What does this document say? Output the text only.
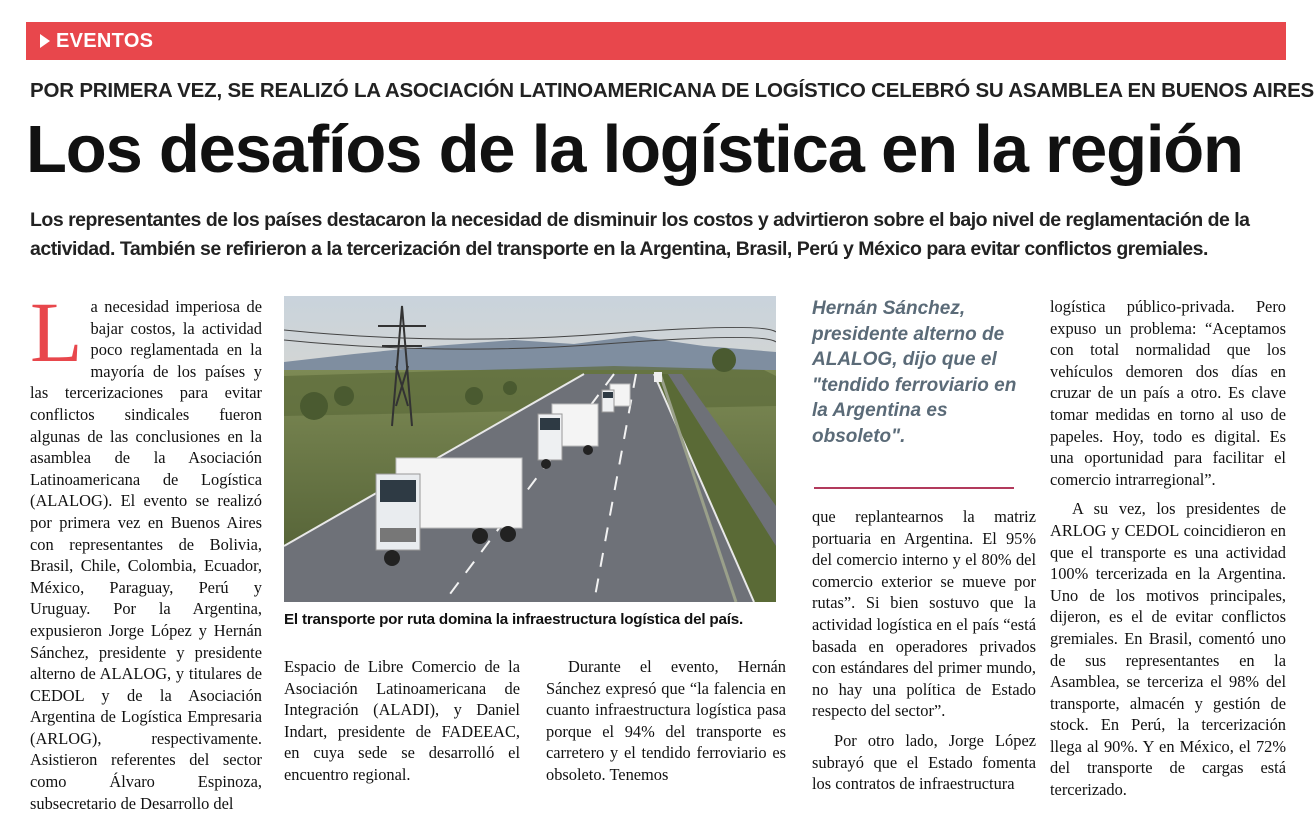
EVENTOS
POR PRIMERA VEZ, SE REALIZÓ LA ASOCIACIÓN LATINOAMERICANA DE LOGÍSTICO CELEBRÓ SU ASAMBLEA EN BUENOS AIRES
Los desafíos de la logística en la región
Los representantes de los países destacaron la necesidad de disminuir los costos y advirtieron sobre el bajo nivel de reglamentación de la actividad. También se refirieron a la tercerización del transporte en la Argentina, Brasil, Perú y México para evitar conflictos gremiales.
L a necesidad imperiosa de bajar costos, la actividad poco reglamentada en la mayoría de los países y las tercerizaciones para evitar conflictos sindicales fueron algunas de las conclusiones en la asamblea de la Asociación Latinoamericana de Logística (ALALOG). El evento se realizó por primera vez en Buenos Aires con representantes de Bolivia, Brasil, Chile, Colombia, Ecuador, México, Paraguay, Perú y Uruguay. Por la Argentina, expusieron Jorge López y Hernán Sánchez, presidente y presidente alterno de ALALOG, y titulares de CEDOL y de la Asociación Argentina de Logística Empresaria (ARLOG), respectivamente. Asistieron referentes del sector como Álvaro Espinoza, subsecretario de Desarrollo del

El transporte por ruta domina la infraestructura logística del país.
Hernán Sánchez, presidente alterno de ALALOG, dijo que el "tendido ferroviario en la Argentina es obsoleto".

Espacio de Libre Comercio de la Asociación Latinoamericana de Integración (ALADI), y Daniel Indart, presidente de FADEEAC, en cuya sede se desarrolló el encuentro regional.

Durante el evento, Hernán Sánchez expresó que “la falencia en cuanto infraestructura logística pasa porque el 94% del transporte es carretero y el tendido ferroviario es obsoleto. Tenemos

que replantearnos la matriz portuaria en Argentina. El 95% del comercio interno y el 80% del comercio exterior se mueve por rutas”. Si bien sostuvo que la actividad logística en el país “está basada en operadores privados con estándares del primer mundo, no hay una política de Estado respecto del sector”.

Por otro lado, Jorge López subrayó que el Estado fomenta los contratos de infraestructura

logística público-privada. Pero expuso un problema: “Aceptamos con total normalidad que los vehículos demoren dos días en cruzar de un país a otro. Es clave tomar medidas en torno al uso de papeles. Hoy, todo es digital. Es una oportunidad para facilitar el comercio intrarregional”.

A su vez, los presidentes de ARLOG y CEDOL coincidieron en que el transporte es una actividad 100% tercerizada en la Argentina. Uno de los motivos principales, dijeron, es el de evitar conflictos gremiales. En Brasil, comentó uno de sus representantes en la Asamblea, se terceriza el 98% del transporte, almacén y gestión de stock. En Perú, la tercerización llega al 90%. Y en México, el 72% del transporte de cargas está tercerizado.
